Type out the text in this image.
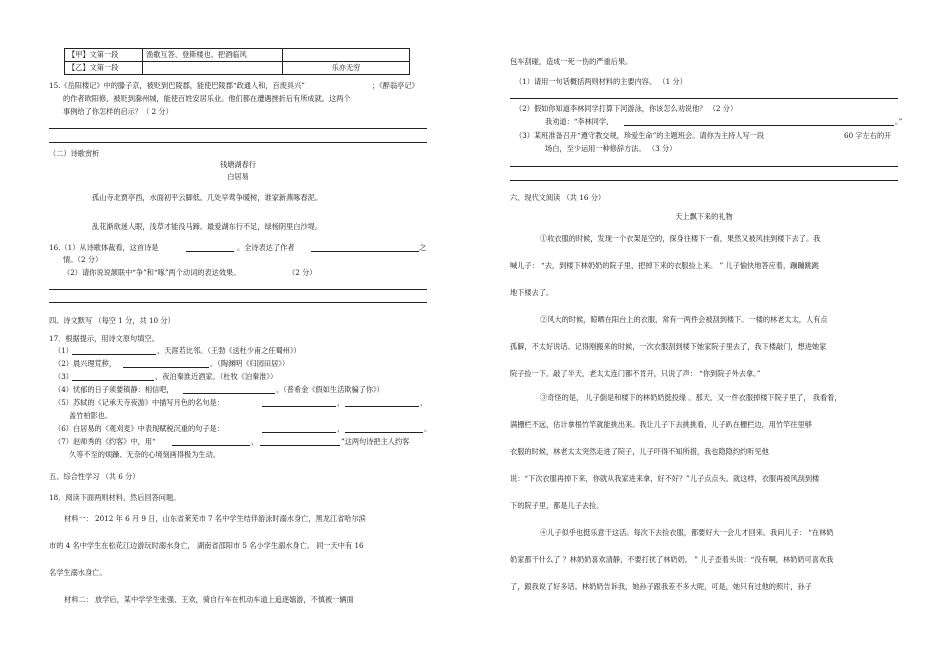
【甲】文第一段	渔歌互答、登斯楼也、把酒临风	
【乙】文第一段		乐亦无穷
15.《岳阳楼记》中的滕子京，被贬到巴陵郡，能使巴陵郡“政通人和，百废具兴”	；《醉翁亭记》
的作者欧阳修，被贬到滁州城，能使百姓安居乐业。他们都在遭遇挫折后有所成就。这两个
事例给了你怎样的启示？（ 2 分）
（二）诗歌赏析
钱塘湖春行
白居易
孤山寺北贾亭西，水面初平云脚低。几处早莺争暖树，谁家新燕啄春泥。
乱花渐欲迷人眼，浅草才能没马蹄。最爱湖东行不足，绿杨阴里白沙堤。
16.（1）从诗歌体裁看，这首诗是	。全诗表达了作者	之
情。（2 分）
（2）请你说说颔联中“争”和“啄”两个动词的表达效果。	（2 分）
四、诗文默写 （每空 1 分，共 10 分）
17．根据提示，用诗文原句填空。
（1）	，天涯若比邻。（王勃《送杜少甫之任蜀州》）
（2）晨兴理荒秽，	。（陶渊明《归园田居》）
（3）	，夜泊秦淮近酒家。（杜牧《泊秦淮》）
（4）忧郁的日子须要镇静：相信吧，	。（普希金《假如生活欺骗了你》）
（5）苏轼的《记承天寺夜游》中描写月色的名句是：	，	，
盖竹柏影也。
（6）白居易的《观刈麦》中表现赋税沉重的句子是：	，	。
（7）赵师秀的《约客》中，用“	，	”这两句诗把主人约客
久等不至的烦躁、无奈的心境刻画得极为生动。
五、综合性学习 （共 6 分）
18．阅读下面两则材料，然后回答问题。
材料一： 2012 年 6 月 9 日，山东省莱芜市 7 名中学生结伴游泳时溺水身亡，黑龙江省哈尔滨
市的 4 名中学生在松花江边游玩时溺水身亡， 湖南省邵阳市 5 名小学生溺水身亡。 同一天中有 16
名学生溺水身亡。
材料二： 放学后，某中学学生张强、王欢，骑自行车在机动车道上追逐嬉游，不慎被一辆面
包车刮碰，造成一死一伤的严重后果。
（1）请用一句话概括两则材料的主要内容。 （1 分）
（2）假如你知道李林同学打算下河游泳，你该怎么劝说他？ （2 分）
我劝道：“李林同学，	。”
（3）某班准备召开“遵守教交规，珍爱生命”的主题班会。请你为主持人写一段	60 字左右的开
场白，至少运用一种修辞方法。 （3 分）
六、现代文阅读 （共 16 分）
天上飘下来的礼物
①收衣服的时候，发现一个衣架是空的，探身往楼下一看，果然又被风挂到楼下去了。我
喊儿子： “去，到楼下林奶奶的院子里，把掉下来的衣服捡上来。 ” 儿子愉快地答应着，蹦蹦跳跳
地下楼去了。
②风大的时候，晾晒在阳台上的衣服，常有一两件会被刮到楼下。一楼的林老太太，人有点
孤僻，不太好说话。记得刚搬来的时候，一次衣服刮到楼下她家院子里去了，我下楼敲门，想进她家
院子捡一下。敲了半天，老太太连门都不肯开，只说了声： “你到院子外去拿。”
③奇怪的是， 儿子倒是和楼下的林奶奶挺投缘 。那天，又一件衣服掉楼下院子里了， 我看着，
满栅栏不远，估计拿根竹竿就能挑出来。我让儿子下去挑挑看，儿子趴在栅栏边，用竹竿往里够
衣服的时候，林老太太突然走进了院子，儿子吓得不知所措，我也隐隐约约听见他
说：“下次衣服再掉下来，你就从我家进来拿，好不好？”儿子点点头。就这样，衣服再被风刮到楼
下的院子里，都是儿子去捡。
④儿子似乎也挺乐意干这活。每次下去捡衣服，都要好大一会儿才回来。我问儿子： “在林奶
奶家都干什么了 ？林奶奶喜欢清静，不要打扰了林奶奶。 ” 儿子歪着头说：“没有啊，林奶奶可喜欢我
了，跟我说了好多话。林奶奶告诉我，她孙子跟我差不多大呢，可是，她只有过他的照片，孙子
